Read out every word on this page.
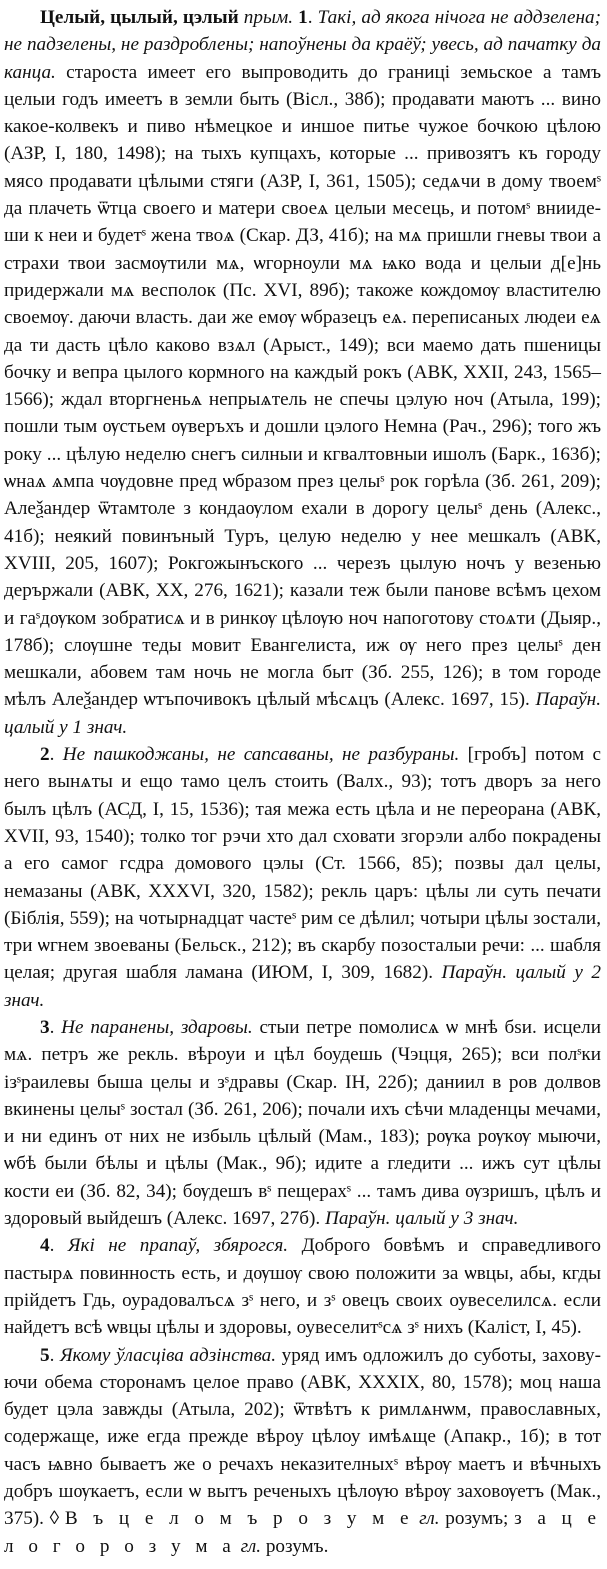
Целый, цылый, цэлый прым. 1. Такі, ад якога нічога не аддзелена; не падзелены, не раздроблены; напоўнены да краёў; увесь, ад пачатку да канца. староста имеет его выпроводить до границi земьское а тамъ целыи годъ имеетъ в земли быть (Вісл., 38б); продавати маютъ ... вино какое-колвекъ и пиво нѣмецкое и иншое питье чужое бочкою цѣлою (АЗР, I, 180, 1498); на тыхъ купцахъ, которые ... привозятъ къ городу мясо продавати цѣлыми стяги (АЗР, I, 361, 1505); седѧчи в дому твоемˢ да плачеть ѿтца своего и матери своеѧ целыи месець, и потомˢ вниидеши к неи и будетˢ жена твоѧ (Скар. ДЗ, 41б); на мѧ пришли гневы твои а страхи твои засмѹтили мѧ, ѡгорноули мѧ ѩко вода и целыи д[е]нь придержали мѧ весполок (Пс. XVI, 89б); такоже кождомѹ властителю своемѹ. даючи власть. даи же емѹ ѡбразецъ еѧ. переписаных людеи еѧ да ти дасть цѣло каково взѧл (Арыст., 149); вси маемо дать пшеницы бочку и вепра цылого кормного на каждый рокъ (АВК, XXII, 243, 1565–1566); ждал вторгненьѧ непрыѧтель не спечы цэлую ноч (Атыла, 199); пошли тым ѹстьем ѹверъхъ и дошли цэлого Немна (Рач., 296); того жъ року ... цѣлую неделю снегъ силныи и кгвалтовныи ишолъ (Барк., 163б); ѡнаѧ ѧмпа чѹдовне пред ѡбразом през целыˢ рок горѣла (Зб. 261, 209); Алеѯандер ѿтамтоле з кондаѹлом ехали в дорогу целыˢ день (Алекс., 41б); неякий повинъный Туръ, целую неделю у нее мешкалъ (АВК, XVIII, 205, 1607); Рокгожынъского ... черезъ цылую ночъ у везенью дерържали (АВК, XX, 276, 1621); казали теж были панове всѣмъ цехом и гаˢдѹком зобратисѧ и в ринкѹ цѣлѹю ноч напоготову стоѧти (Дыяр., 178б); слѹшне теды мовит Евангелиста, иж ѹ него през целыˢ ден мешкали, абовем там ночь не могла быт (Зб. 255, 126); в том городе мѣлъ Алеѯандер ѡтъпочивокъ цѣлый мѣсѧцъ (Алекс. 1697, 15). Параўн. цалый у 1 знач.

2. Не пашкоджаны, не сапсаваны, не разбураны. [гробъ] потом с него вынѧты и ещо тамо целъ стоить (Валх., 93); тотъ дворъ за него былъ цѣлъ (АСД, I, 15, 1536); тая межа есть цѣла и не переорана (АВК, XVII, 93, 1540); толко тог рэчи хто дал сховати згорэли албо покрадены а его самог гсдра домового цэлы (Ст. 1566, 85); позвы дал целы, немазаны (АВК, XXXVI, 320, 1582); рекль царъ: цѣлы ли суть печати (Біблія, 559); на чотырнадцат частеˢ рим се дѣлил; чотыри цѣлы зостали, три ѡгнем звоеваны (Бельск., 212); въ скарбу позосталыи речи: ... шабля целая; другая шабля ламана (ИЮМ, I, 309, 1682). Параўн. цалый у 2 знач.

3. Не паранены, здаровы. стыи петре помолисѧ ѡ мнѣ бѕи. исцели мѧ. петръ же рекль. вѣроуи и цѣл боудешь (Чэцця, 265); вси полˢки ізˢраилевы быша целы и зˢдравы (Скар. IН, 22б); даниил в ров долвов вкинены целыˢ зостал (Зб. 261, 206); почали ихъ сѣчи младенцы мечами, и ни единъ от них не избыль цѣлый (Мам., 183); рѹка рѹкѹ мыючи, ѡбѣ были бѣлы и цѣлы (Мак., 9б); идите а гледити ... ижъ сут цѣлы кости еи (Зб. 82, 34); бѹдешъ вˢ пещерахˢ ... тамъ дива ѹзришъ, цѣлъ и здоровый выйдешъ (Алекс. 1697, 27б). Параўн. цалый у 3 знач.

4. Які не прапаў, збярогся. Доброго бовѣмъ и справедливого пастырѧ повинность есть, и дѹшѹ свою положити за ѡвцы, абы, кгды прійдетъ Гдь, оурадовалъсѧ зˢ него, и зˢ овецъ своих оувеселилсѧ. если найдетъ всѣ ѡвцы цѣлы и здоровы, оувеселитˢсѧ зˢ нихъ (Каліст, I, 45).

5. Якому ўласціва адзінства. уряд имъ одложилъ до суботы, заховуючи обема сторонамъ целое право (АВК, XXXIX, 80, 1578); моц наша будет цэла завжды (Атыла, 202); ѿтвѣтъ к римлѧнѡм, православных, содержаще, иже егда прежде вѣроу цѣлоу имѣѧще (Апакр., 1б); в тот часъ ѩвно бываетъ же о речахъ неказителныхˢ вѣрѹ маетъ и вѣчныхъ добръ шѹкаетъ, если ѡ вытъ реченыхъ цѣлѹю вѣрѹ заховѹетъ (Мак., 375). ◊ В ъ ц е л о м ъ р о з у м е гл. розумъ; з а ц е л о г о р о з у м а гл. розумъ.
